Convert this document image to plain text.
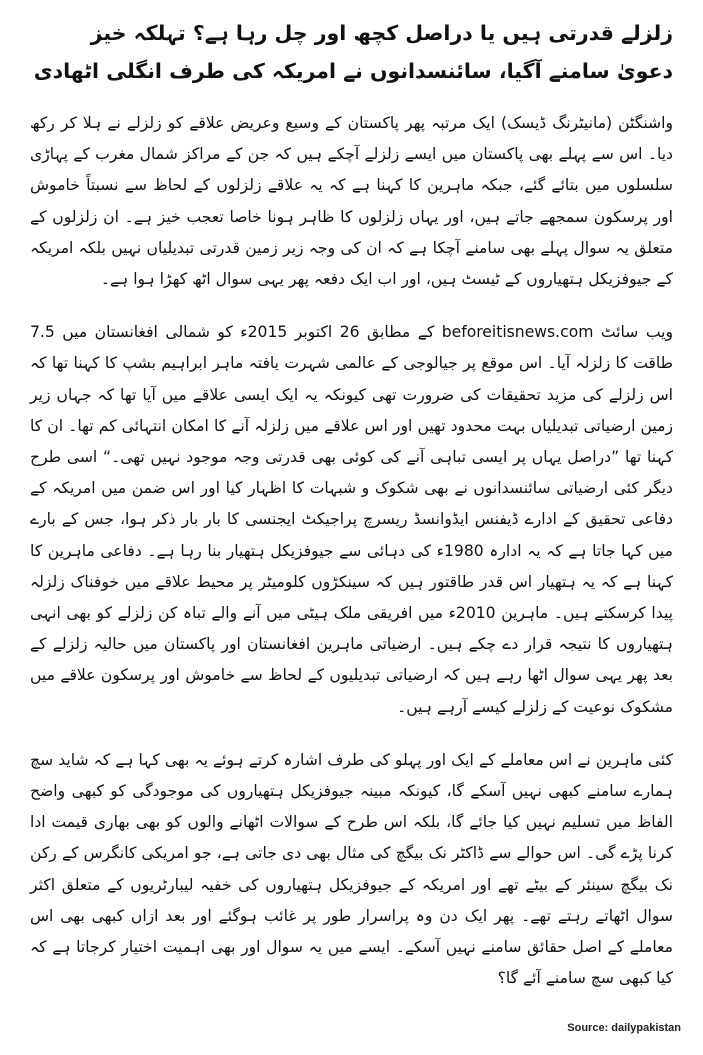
زلزلے قدرتی ہیں یا دراصل کچھ اور چل رہا ہے؟ تہلکہ خیز دعویٰ سامنے آگیا، سائنسدانوں نے امریکہ کی طرف انگلی اٹھادی

واشنگٹن (مانیٹرنگ ڈیسک) ایک مرتبہ پھر پاکستان کے وسیع وعریض علاقے کو زلزلے نے ہلا کر رکھ دیا۔ اس سے پہلے بھی پاکستان میں ایسے زلزلے آچکے ہیں کہ جن کے مراکز شمال مغرب کے پہاڑی سلسلوں میں بتائے گئے، جبکہ ماہرین کا کہنا ہے کہ یہ علاقے زلزلوں کے لحاظ سے نسبتاً خاموش اور پرسکون سمجھے جاتے ہیں، اور یہاں زلزلوں کا ظاہر ہونا خاصا تعجب خیز ہے۔ ان زلزلوں کے متعلق یہ سوال پہلے بھی سامنے آچکا ہے کہ ان کی وجہ زیر زمین قدرتی تبدیلیاں نہیں بلکہ امریکہ کے جیوفزیکل ہتھیاروں کے ٹیسٹ ہیں، اور اب ایک دفعہ پھر یہی سوال اٹھ کھڑا ہوا ہے۔

ویب سائٹ beforeitisnews.com کے مطابق 26 اکتوبر 2015ء کو شمالی افغانستان میں 7.5 طاقت کا زلزلہ آیا۔ اس موقع پر جیالوجی کے عالمی شہرت یافتہ ماہر ابراہیم بشپ کا کہنا تھا کہ اس زلزلے کی مزید تحقیقات کی ضرورت تھی کیونکہ یہ ایک ایسی علاقے میں آیا تھا کہ جہاں زیر زمین ارضیاتی تبدیلیاں بہت محدود تھیں اور اس علاقے میں زلزلہ آنے کا امکان انتہائی کم تھا۔ ان کا کہنا تھا ”دراصل یہاں پر ایسی تباہی آنے کی کوئی بھی قدرتی وجہ موجود نہیں تھی۔“ اسی طرح دیگر کئی ارضیاتی سائنسدانوں نے بھی شکوک و شبہات کا اظہار کیا اور اس ضمن میں امریکہ کے دفاعی تحقیق کے ادارے ڈیفنس ایڈوانسڈ ریسرچ پراجیکٹ ایجنسی کا بار بار ذکر ہوا، جس کے بارے میں کہا جاتا ہے کہ یہ ادارہ 1980ء کی دہائی سے جیوفزیکل ہتھیار بنا رہا ہے۔ دفاعی ماہرین کا کہنا ہے کہ یہ ہتھیار اس قدر طاقتور ہیں کہ سینکڑوں کلومیٹر پر محیط علاقے میں خوفناک زلزلہ پیدا کرسکتے ہیں۔ ماہرین 2010ء میں افریقی ملک ہیٹی میں آنے والے تباہ کن زلزلے کو بھی انہی ہتھیاروں کا نتیجہ قرار دے چکے ہیں۔ ارضیاتی ماہرین افغانستان اور پاکستان میں حالیہ زلزلے کے بعد پھر یہی سوال اٹھا رہے ہیں کہ ارضیاتی تبدیلیوں کے لحاظ سے خاموش اور پرسکون علاقے میں مشکوک نوعیت کے زلزلے کیسے آرہے ہیں۔

کئی ماہرین نے اس معاملے کے ایک اور پہلو کی طرف اشارہ کرتے ہوئے یہ بھی کہا ہے کہ شاید سچ ہمارے سامنے کبھی نہیں آسکے گا، کیونکہ مبینہ جیوفزیکل ہتھیاروں کی موجودگی کو کبھی واضح الفاظ میں تسلیم نہیں کیا جائے گا، بلکہ اس طرح کے سوالات اٹھانے والوں کو بھی بھاری قیمت ادا کرنا پڑے گی۔ اس حوالے سے ڈاکٹر نک بیگچ کی مثال بھی دی جاتی ہے، جو امریکی کانگرس کے رکن نک بیگچ سینئر کے بیٹے تھے اور امریکہ کے جیوفزیکل ہتھیاروں کی خفیہ لیبارٹریوں کے متعلق اکثر سوال اٹھاتے رہتے تھے۔ پھر ایک دن وہ پراسرار طور پر غائب ہوگئے اور بعد ازاں کبھی بھی اس معاملے کے اصل حقائق سامنے نہیں آسکے۔ ایسے میں یہ سوال اور بھی اہمیت اختیار کرجاتا ہے کہ کیا کبھی سچ سامنے آئے گا؟

Source: dailypakistan
